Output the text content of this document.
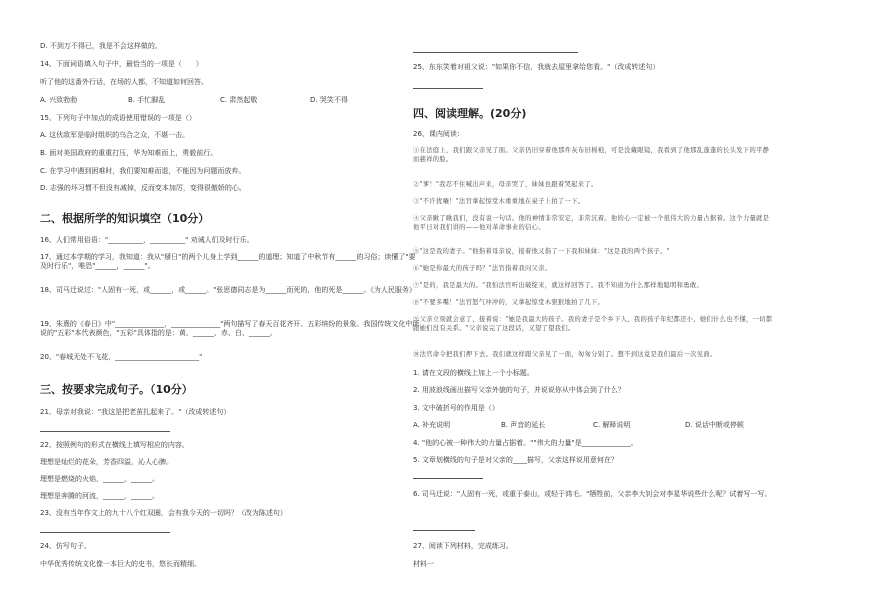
D. 不到万不得已，我是不会这样做的。
14、下面词语填入句子中，最恰当的一项是（　　）
听了他的这番外行话，在场的人都，不知道如何回答。
A. 兴致勃勃	B. 手忙脚乱	C. 肃然起敬	D. 哭笑不得
15、下列句子中加点的成语使用错误的一项是（）
A. 这伙敌军是临时组织的乌合之众，不堪一击。
B. 面对美国政府的重重打压，华为知难而上，勇毅前行。
C. 在学习中遇到困难时，我们要知难而退，不能因为问题而放弃。
D. 志强的坏习惯不但没有减掉，反而变本加厉，变得很傲娇的心。
二、根据所学的知识填空（10分）
16、人们常用俗语："__________，__________" 劝诫人们及时行乐。
17、通过本学期的学习，我知道：我从"掰日"的两个儿身上学到______的道理；知道了中秋节有______的习俗；读懂了"要及时行乐"，唯恐"______，______"。
18、司马迁说过："人固有一死，或______，或______。"张思德同志是为______而死的，他的死是______。《为人民服务》
19、朱熹的《春日》中"______________，______________"两句描写了春天百花齐开、五彩缤纷的景象。我国传统文化中所说的"五彩"本代表颜色，"五彩"具体指的是：黄、______、赤、白、______。
20、"春城无处不飞花，________________________"
三、按要求完成句子。（10分）
21、母亲对我说："我这是把老茧扎起来了。"（改成转述句）
22、按照例句的形式在横线上填写相应的内容。
理想是灿烂的花朵，芳香四溢，沁人心脾。
理想是燃烧的火焰，______，______。
理想是奔腾的河流，______，______。
23、没有当年作文上的九十八个红双圈，会有我今天的一切吗？（改为陈述句）
24、仿写句子。
中华优秀传统文化像一本巨大的史书，悠长而精细。
25、东东笑着对祖父说："如果你不信，我就去屋里拿给您看。"（改成转述句）
四、阅读理解。(20分)
26、课内阅读：
①在法庭上，我们跟父亲见了面。父亲仍旧穿着他那件灰布旧棉袍，可是没戴眼镜，我看到了他那乱蓬蓬的长头发下的平静而慈祥的脸。
②"爹！"我忍不住喊出声来，母亲哭了，妹妹也跟着哭起来了。
③"不许扰嚷！"法官拿起惊堂木重重地在桌子上拍了一下。
④父亲瞅了瞅我们，没有说一句话。他的神情非常安定，非常沉着。他的心一定被一个很伟大的力量占据着。这个力量就是他平日对我们讲的——他对革命事业的信心。
⑤"这是我的妻子。"他指着母亲说，接着他又指了一下我和妹妹："这是我的两个孩子。"
⑥"她是你最大的孩子吗？"法官指着我问父亲。
⑦"是的，我是最大的。"我怕法官听出破绽来，就这样回答了。我不知道为什么那样地聪明和勇敢。
⑧"不要多嘴！"法官怒气冲冲的，又拿起惊堂木狠狠地拍了几下。
⑨父亲立刻就会意了，接着说："她是我最大的孩子。我的妻子是个乡下人，我的孩子年纪都还小，她们什么也不懂，一切都跟她们没有关系。"父亲说完了这段话，又望了望我们。
⑩法官命令把我们押下去。我们就这样跟父亲见了一面，匆匆分别了。想不到这竟是我们最后一次见面。
1. 请在文段的横线上加上一个小标题。
2. 用波浪线画出描写父亲外貌的句子，并说说你从中体会到了什么？
3. 文中破折号的作用是（）
A. 补充说明	B. 声音的延长	C. 解释说明	D. 说话中断或停顿
4. "他的心被一种伟大的力量占据着。""伟大的力量"是______________。
5. 文章划横线的句子是对父亲的____描写，父亲这样说用意何在？
6. 司马迁说："人固有一死，或重于泰山，或轻于鸿毛。"牺牲前，父亲李大钊会对李星华说些什么呢？试着写一写。
27、阅读下列材料，完成练习。
材料一
